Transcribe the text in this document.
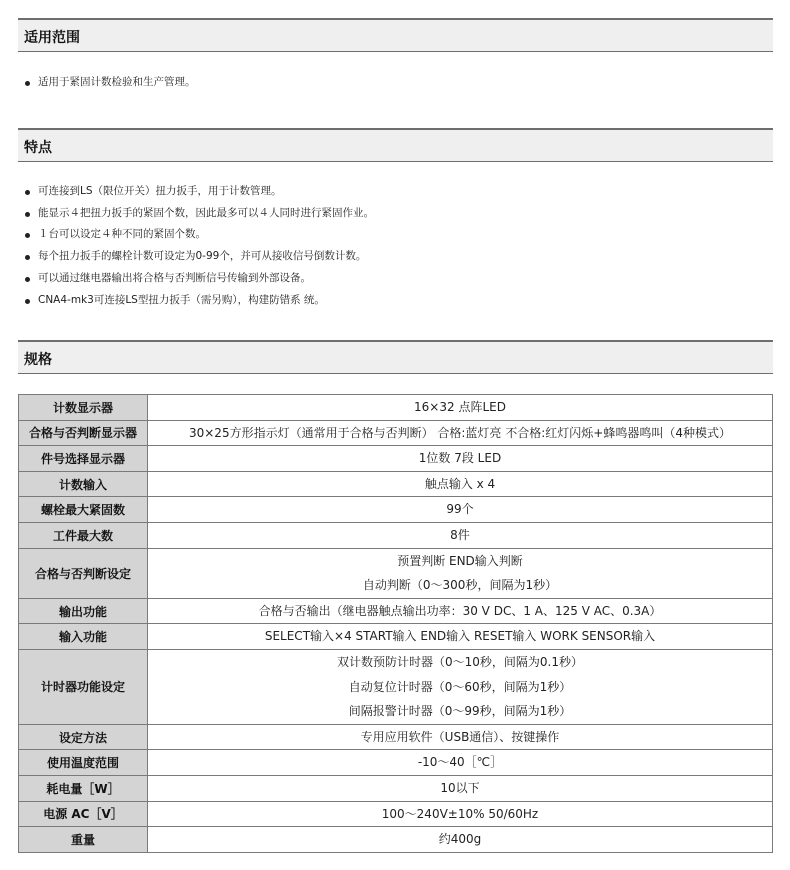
适用范围
适用于紧固计数检验和生产管理。
特点
可连接到LS（限位开关）扭力扳手，用于计数管理。
能显示４把扭力扳手的紧固个数，因此最多可以４人同时进行紧固作业。
１台可以设定４种不同的紧固个数。
每个扭力扳手的螺栓计数可设定为0-99个，并可从接收信号倒数计数。
可以通过继电器输出将合格与否判断信号传输到外部设备。
CNA4-mk3可连接LS型扭力扳手（需另购），构建防错系 统。
规格
计数显示器	16×32 点阵LED

合格与否判断显示器	30×25方形指示灯（通常用于合格与否判断） 合格:蓝灯亮 不合格:红灯闪烁+蜂鸣器鸣叫（4种模式）

件号选择显示器	1位数 7段 LED

计数输入	触点输入 x 4

螺栓最大紧固数	99个

工件最大数	8件

合格与否判断设定	预置判断 END输入判断
自动判断（0～300秒，间隔为1秒）

输出功能	合格与否输出（继电器触点输出功率：30 V DC、1 A、125 V AC、0.3A）

输入功能	SELECT输入×4 START输入 END输入 RESET输入 WORK SENSOR输入

计时器功能设定	双计数预防计时器（0～10秒，间隔为0.1秒）
自动复位计时器（0～60秒，间隔为1秒）
间隔报警计时器（0～99秒，间隔为1秒）

设定方法	专用应用软件（USB通信）、按键操作

使用温度范围	-10～40［℃］

耗电量［W］	10以下

电源 AC［V］	100～240V±10% 50/60Hz

重量	约400g
